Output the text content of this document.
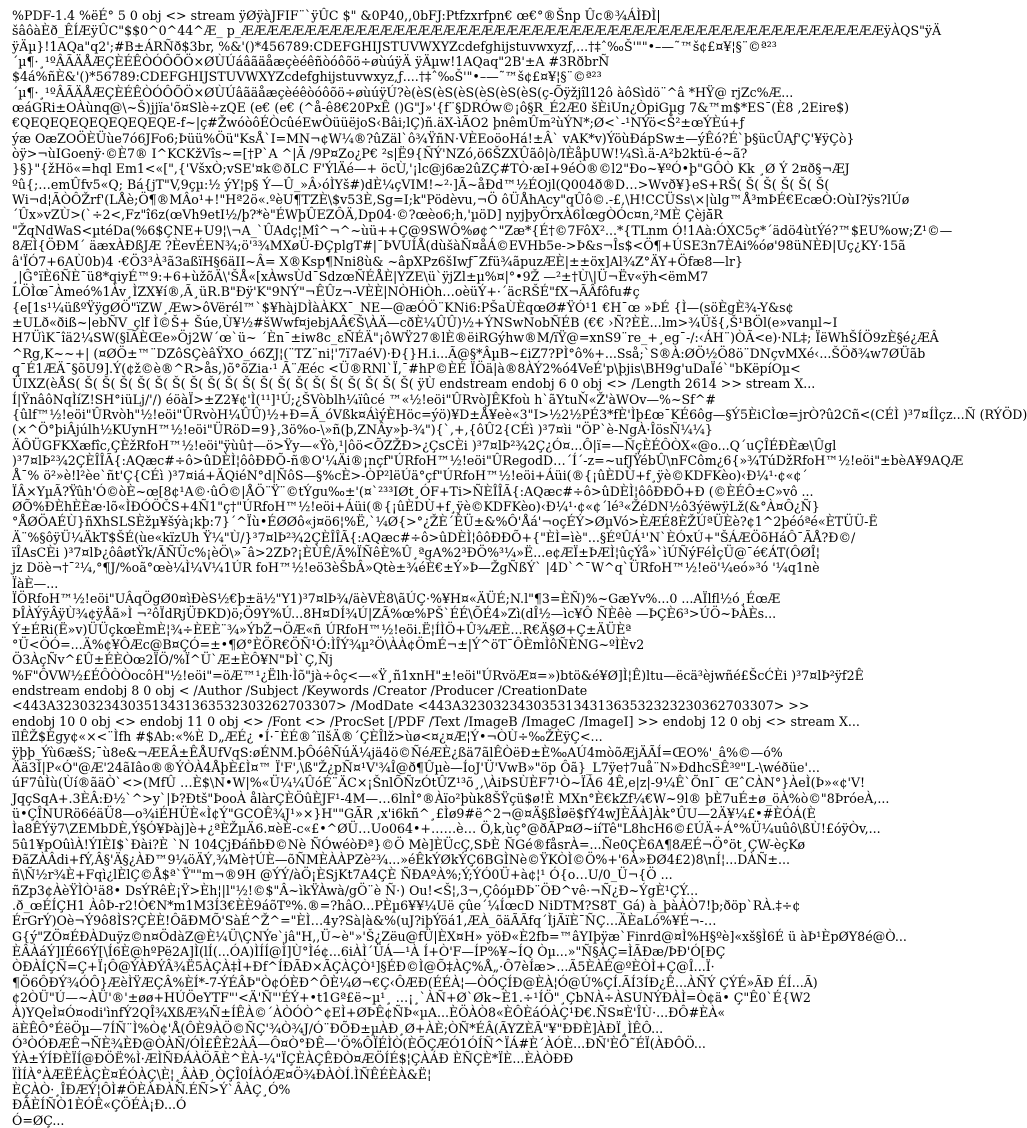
%PDF-1.4 %ëÉ° 5 0 obj <> stream ÿØÿàJFIF¨`ÿÛC $" &0P40,,0bFJ:Ptfzxrfpn€ œ€°®Šnp Ûc®¾ÁÌÐÌ|
šâôàÈð_ÊÍÆÿÛC"$$0^0^44^Æ_ p_ÆÆÆÆÆÆÆÆÆÆÆÆÆÆÆÆÆÆÆÆÆÆÆÆÆÆÆÆÆÆÆÆÆÆÆÆÆÆÆÆÆÆÆÆÆÆÆÆÆÆÆÿÀQS"ÿÄ
ÿÄµ}!1AQa"q2';#B±ÁRÑð$3br, %&'()*456789:CDEFGHIJSTUVWXYZcdefghijstuvwxyzƒ,...†‡ˆ‰Š'""•–—˜™š¢£¤¥¦§¨©ª²³
´µ¶·¸¹ºÂÃÄÅÆÇÈÉÊÒÓÔÕÖ×ØÙÚáâãäåæçèéêñòóôõö÷øùúÿÄ ÿÄµw!1AQaq"2B'±A #3RðbrÑ
$4á%ñÈ&'()*56789:CDEFGHIJSTUVWXYZcdefghijstuvwxyz,ƒ....†‡ˆ‰Š'"•–—˜™š¢£¤¥¦§¨©ª²³
´µ¶·¸¹ºÂÃÄÅÆÇÈÉÊÒÓÔÕÖ×ØÙÚâãäåæçèéêòóôõö÷øùúÿÚ?è(èS(èS(èS(èS(èS(èS(ç-Õÿžjîl12ô àôSìdö¨^â *HŸ@ rjZc%Æ...
œáGRi±OÀùnq@\~Š)jjïa'õ¤Slè÷zQE (e€ (e€ (^å-ê8€20PxÊ ()G"J»'{f¨§DRÓw©¡ô§R_É2Æ0 šÈiUn¿ÒpiGµg 7&™m$*ES¯(È8 ,2Eire$)
€QEQEQEQEQEQEQEQE-f~|ç#ŽwóòôÉÒcûéEwÒüüëjoS‹Bâi;lÇ)ñ.äX-ìÃO2 þnêmÛm²ùÝN*;Ø<`-¹NÝö<Š²±œÝÈú+ƒ
ýæ OæZOÖÈÜùe7ó6JFo6;Þüü%Öü"KsÅ`I=MN¬¢W¼®?ûZäl`ô¾ŸñN·VÈEoöoHá!±Â` vAK*v)ÝöùÐápSw±—ýÊó?É`þ§ücÛAƒ'Ç'¥ÿÇò}
òÿ>¬ùIGoenÿ·©È7® I^KCKžVîs~=[†P`A ^|Ã /9P¤Zo¿P€ ²s|Ë9{ÑÝ'NZó,ö6ŠZXÛãô|ò/IÈåþUW!¼Sì.ä-A²b2ktü-é~ã?
}§}"{žHö«=hql Em1<«[",{'VšxÒ;vSE'¤k©ðLC F'ÝlÄé—+ öcÙ,'¡lc@j6æ2ûZÇ#TÒ·æI+9éÒ®©l2"Ðo~¥ºÓ•þ"GÔÒ Kk ¸Ø Ý 2¤ð§¬ÆJ
ºû{;…emÛfv5«Q; Bá{jT"V,9çµ:½ ýY¦p§ Ý—Û_»Â›óÌYš#)dÈ¼çVIM!~²·]Ã~åÐd™½ÉOjl(Q004ð®D…>Wvð¥}eS+RŠ( Š( Š( Š( Š( Š(
Wi¬d¦ÃÒÔŽrf'(LÅè;Ö¶®MÂo¹+!"Hª2ö«.ºèU¶TZÈ\$v53È,Sg=I;k"Pödèvu,¬Ö ôÜÅhAcy"qÛô©.-£,\H!CCÜSs\×|ùlg™Å³mÞÉ€EcæÒ:OùI?ÿs?lÚø
´Ûx»vZÙ>(`÷2<,Fz"î6z(œVh9etI½/þ?*è"ÉWþÛEZÔÄ,Dp04·©?œèo6;h,'µöD] nyjþyÖrxÀ6ÌœgÒÓc¤n,²MÈ Çèjà̄R
"ŽqNdWaS<µtéDa(%6$ÇNE+U9¦\¬A_`ÛAdç¦Mî^¬^~ùü++Ç@9SWÔ%ø¢^"Zæ*{É†©7FôX²...*{TLnm Ó!1Aà:ÓXC5ç*´ädö4ùtÝé?™$EU%ow;Z¹©—
8ÆÌ{ÖÐM´ äæxÀÐßJÆ ?ÈevÉEN¾;ö'³¾MXøÜ-ÐÇplgT#|¯ÞVUÍÅ(dùšàÑ¤åÁ©EVHb5e->Þ&s¬Îs$<Ö¶+ÚSE3n7ÈAi%óø'98üNÈÐ|Uç¿KY·15ã
â'ÏÓ7+6AÙ0b)4 ·€Ö3³À³ã3aßïH§6äII~Â= X®Ksp¶Nni8ù& ~âpXPz6šIwƒ¯Zfü¾ãpuzÆÈ|±±öx]Al¾Z°ÄY+Öfæ8—lr}
¸|Ĝ°ïÈ6ÑÈ¯ü8*qiyÉ™9:+6+ùžõÄ\'ŠÅ«[xÀwsÙd¯SdzœÑÉÅÈ|YZE\ü`ÿjZl±µ%¤|°•9Ž —²±†Ù\|Ü¬Ëv«ÿh<ëmM7
LÖÌœ¯Àmeó%1Àv¸ÌZX¥í®,Ã¸üR.B"Ðÿ'K"9NÝ"¬ÊÛz¬-VÈÈ|NÒHiÒh…oèüÝ+·´äcRŠÉ"fX¬ÃÂfôfu#ç
{e[1s¹¼üßºŸÿgØÖ"ïZW¸Æw>ôVërél™`$¥hàjDÌàÀKX¯_NE—@æÓÖ¨KNi6:PŠaÙÈqœØ#ŸÓ¹1 €H¯œ »ÞÉ {Ì—(söÈgÈ¾-Y&s¢
±ULð«ðiß~|ebÑV_çlf Ì©Š+ Šúe,Ù¥½#šWwf¤jebjAÂ€Š\ÀÄ—cðÈ¼ÛÛ)½+ÝNSwNobÑÉB (€€ ›Ñ?ÈÈ...lm>¾Üš{,Š¹BÖl(e»vanµl~I
H7ÜìK¯îä2¼SW(§lÃÈŒe»Öj2W´œ`ü~ ´Èn¯±iw8c_εÑÉÄ"¡ôWŸ27®lÈ®ëiRGýhw®M/ïŸ@=xnS9¨re_+¸eg¯-/:‹ÁH¨)ÒÃ<e)·NL‡; ÏëWhŠÍÖ9zÈ§é¿ÆÂ
^Rg,K~~+| (¤ØÖ±™¨DZôSÇèâŸXO_ó6ZJ¦(¨TZ¨ni¦'7ï7aéV)·Ð{}H.i...Ã@§*ÂµB~£iZ7?PÌ°ô%+...Sså;`S®À:ØÖ½Ö8ö¨DNçvMXé‹...ŠÖð¾w7ØÜãb
q¯É1ÆÄ¯§õU9].Ý(¢ž©è®^R>ås,)õ°õZia·¹ Ã¨Æéc <Ü®RNl`Ï,¯#hP©ÈÉ ÏÖä|à®8ÀÝ2%ó4VeÉ'p\þjis\BH9g'uDaÏé`"bKëpíOµ<
ÜIXZ(èÅS( Š( Š( Š( Š( Š( Š( Š( Š( Š( Š( Š( Š( Š( Š( Š( Š( Š( Š( Š( ÿÙ endstream endobj 6 0 obj <> /Length 2614 >> stream X...
Í|ŸnâôNqÌíZ!SH°iüLj/'/) éöàÏ>±Z2¥¢'Ì(¹¹]¹Ú;¿ŠVòblh¼ïûcé ™«½!eöi"ÛRvòJÊKfoù h`ãYtuŇ«Ž'àWOv—%~Sf^#
{ûlf™½!eöi"ÛRvòh"½!eöi"ÛRvòH¼ÛÛ)½+Ð=Ã_óVßk¤ÁìýÈHöc=ýö)¥D±Å¥eè«3"I>½2½PÉ3*fÈ'Ìþ£œ¯KÉ6ôg—§Ý5ÈiCÌœ=jrÒ?û2Cñ<(CÉÌ )³7¤ÍÌçz...Ñ (RÝÖD)
(×^Ö°þiÂjúlh½KUynH™½!eöi"ÜRöD=9},3ö%o-\»ñ(þ,ZNÂy»þ-¾"){`,+,{ôÛ2{CÉì )³7¤ìi "ÖP`è-NgÀ·ÎösÑ¼¼}
ÄÔÜGFKXæfîc,ÇÈžRfoH™½!eöi"ÿùû†—ö>Ÿy—«Ÿò,¹|ôö<ÕZŽÐ>¿ÇsCÈi )³7¤lÞ²¾2Ç¿Ó¤...Ô|ï=—ÑçÈÉÔÒX«@o...Q´uÇÎÉÐÈæ\Ûgl
)³7¤lÞ²¾2ÇÈÎÎÃ{:AQæc#÷ô>ûDÈÌ¦ôôÐÐÕ-ñ®O'¼Äi®¡nçf"ÚRfoH™½!eöi"ÛRegodD…´Í´-z=~ufJŸébÛ\nFCôm¿6{»¾TúDžRfoH™½!eöi"±bèA¥9AQÆ
Å¯% ö²»è!l²èe`ñt'Ç{CÉì )³7¤iá+ÄQiéN°d|ÑôS—§%cÈ>-ÒP²lëÚä°çf"ÚRfoH™½!eöi+Áüi(®{¡ûÈDÙ+f¸ÿè©KDFKèo)‹Ð¼¹·¢«¢´
ÏÂ×YµÃ?Ÿûh'Ó©òÈ~œ[8¢¹A©·ûÔ©|ÅÖ¨Ÿ¨©tÝgu‰±'(¤`²³³IØt¸ÓF+Ti>ÑÈÎÎÃ{:AQæc#÷ô>ûDÈÌ¦ôôÐÐÕ+Ð (©ÈÉÔ±C»vô ...
ØÕ%ÐÈhÈÈæ·lõ«ÌÐÓÖČS+4Ñ1"ç†"ÚRfoH™½!eöi+Áüi(®{¡ûÈDÙ+f¸ÿè©KDFKèo)‹Ð¼¹·¢«¢´lé³«ŽéDN½ô3ýëwÿLž(&°À¤Ô¿Ñ}
°ÅØÖAÉÙ}ñXhSLSÈžµ¥šýà¡kþ:7}´^Ïù•ÉØØô«j¤ö6¦%Ë,`¼Ø{>°¿ŽÈ´ÊÜ±&%Ô'Åá'¬oçÉÝ>ØµVó>ÈÆÉ8ÈŽÚªÜÈè?¢1^2þéóªé«ÈTÜÜ-Ë
Ä¨%§ôÿÜ¼ÄkT$ŠÉ(ùe«kïzUh Ÿ¼"Ù/}³7¤lÞ²¾2ÇÈÎÎÃ{:AQæc#÷ô>ûDÈÌ¦ôôÐÐÕ+{"ÈÌ=ìè"...§ÉºÛÁ¹'N`ÈÓxÚ+"ŠÁÆÖõHáÔ¯ÃÅ?Ð©/
ïÎAsCÈi )³7¤lÞ¿ôâøtŸk/ÃÑÜc%¡èÖ\»¯â>2ZÞ?¡ÈÙÊ/Ã%ÏÑêÈ%Û¸ªgA%2³ÐÖ%³¼»Ë...e¢ÆÏ±ÞÆÌ¦ûçÝå»`ìÚÑýFéÌçÜ@¯é€ÁT(ÔØÎ¦
jz Döè¬†¯²¼‚°¶J/%oã°œè¼Ì¼V¼1ÚR foH™½!eö3èŠbÂ»Qtè±¾éÈ€±Ý»Þ—ŽgÑßÝ` |4D`^¯W^q`ÜRfoH™½!eö'¼eó»³ó '¼q1nè
ÏàÈ—...
ÏÖRfoH™½!eöi"UÂqÖgØ0¤ìÐèS½€þ±ä½"Y1)³7¤lÞ¾/äèVÈ8\ãÚÇ·%¥H¤«ÄÜÉ;N.l"¶3=ÈÑ)%~GæYv%...0 ...AÏlfl½ó¸ÉœÆ
ÞÎÀÝÿÂÿÙ¾¢ÿÅã»Ì ¬²ôÏdRjÜÐKD)ö;Ö9Y%Ú...8H¤DÍ¾Ú|ZÃ%œ%PŠ`ÉÉ\ÕÉ4»Zì(dÎ½—ìc¥Ô ÑÈêè —ÞÇÈ6³>ÚÖ~ÞÀÈs...
Ý±ÉRi(Ë»v)ÜÜçkœÈmÈ¦¾÷ÈEÈ¨¾»ÝbŽ¬ÖÆ«ñ ÚRfoH™½!eöi.Ë¦ÍÌÖ+Û¾ÆÈ...R€Ä§Ø+Ç±ÄÜÈª
°Ü<ÖÓ=...Ä%¢¥ÔÆc@B¤ÇÓ=±•¶Ø°ÈÖR€ÖÑ¹Ó:ÌÎÝ¾µ²Ö\ÀÀ¢ÖmÉ¬±|Ý^öT¯ÔÈmÌôÑÈNG~ºÌÈv2
Ö3ÀçÑv^£Û±ÉÈÒœ2ÏÖ/%Ï^Ü`Æ±ÈÔ¥N"ÞÌ`Ç,Ñj
%F"ÔVW½£ÉÔÒÒocôH"½!eöi"=öÆ™¹¿Ëlh·Ìõ"jà÷ôç<—«Ÿ¸ñ1xnH"±!eöi"ÚRvöÆ¤=»)btö&é¥Ø]Ì¦Ê)ltu—ëcä³èjwñé£ŠcĆÈi )³7¤lÞ²ÿf2Ê
endstream endobj 8 0 obj < /Author /Subject /Keywords /Creator /Producer /CreationDate
<443A32303234303513431363532303262703307> /ModDate <443A323032343035313431363532323230362703307> >>
endobj 10 0 obj <> endobj 11 0 obj <> /Font <> /ProcSet [/PDF /Text /ImageB /ImageC /ImageI] >> endobj 12 0 obj <> stream X...
ïlÊŽ$Ègy¢«×<¨Ìfh #$Ab:«%È D„ÆÉ¿ •Í·¯ÈÉ®ˆïlšÄ®´ÇÈÎlž>ùø<¤¿¤Æ¦Ý•¬ÒÙ÷‰ŽÈÿÇ<...
ÿþþ_Ýù6æšS;¯ù8e&¬ÆEÂ±ÊÅUfVqS:øÉNM.þÔóêÑúÄ¼jä4ö©ÑéÆÈ¿ßä7ãlÊÒëÐ±È‰AÚ4mòõÆjÄÃÍ=ŒO%'_â%©—ó%
Ää3Ì|P«Ó"@Æ'24ãIâo®®ÝÒÀ4ÅþÈ£Ì¤™ Ï'F',\ß"Ž¿pÑ¤¹V'¾Î@ð¶Ûµè—ÍoJ'Ü'VwB»"öp Ôã}_L7ÿe†7uå¨N»ÐdhcSÊ³º"L-\wéðüe'...
úF7ûÌù(Ùí®ãäÒ`<>(MfÛ …È$\N•W|%«Ü¼¼ÛóÉ¨ÄC×¡ŠnlÕÑzÓtÛZ¹³õ¸,\ÀiÞSÙÈF7¹Ò~ÏÀ6 4Ê,e|z|-9¼Ê`ÕnI¯ ŒˆCÀN°}ÀeÌ(Þ»«¢'V!
JqçSqA+.3ÈÂ:Ð½`^>y`|Þ?Ðtš"ÞooÀ ålàrÇÈÖûÈJF¹-4M—…6lnÌ°®Àïo²þùk8ŠŸçü$ø!È MXn°È€kZf¼€W~9l® þÈ7uÉ±ø_öÀ%ò©"8ÞróeÀ,...
ü•ÇÎNURö6éäÜ8—o¾iÉHÜÈ«Ì¢Ý"GCOÊ¾J¹»×}H""GÃR ,x'i6kñ^¸£Ìø9#ë^2¬@¤Ä§ßÌøë$fÝ4wJÈÃÀ]Àk°ÛU—2Ä¥¼£•#ÈÓÁ(È
Ìa8ÊÝÿ7\ZEMbDÈ,Ý§Ó¥Þàj]è+¿ªÈŽµÄ6.¤èÈ-c«£•^ØÜ…Uo064•+……è… Ö,k,ùç°@ðÃP¤Ø~iíTê"L8hcH6©£ÚÄ÷Á°%Ü¼uûô\ßÙ!£óÿÒv,...
5û1¥pOûìÀ!ÝIÈI$`Ðài?È `N 104ÇjÐáñbÐ©Nè ÑÓwéòÐª}©Ö Mè]ÈÜcÇ,SÞÈ ÑGé®fåsrÀ=...Ñe0ÇÈ6A¶8ÆÉ¬Ö°öt¸ÇW-èçKø
ÐãZÀÂdi+fÝ,Â§'Ä§¿ÀÐ™9¼öÄÝ‚¾Mè†ÚÈ—õÑMÈÀÀPZè²¾...»éÊkÝØkÝÇ6BGÌNè©ŸKÒÌ©Ö%+'6À»ÐØ4£2)8\nÍ¦...DÀÑ±...
ñ\Ñ½r¾È+Fqì¿lÈlÇ©Å$ª`Ÿ""m¬®9H @ÝÝ/àÖ¡ÈSjKt7A4ÇÈ ÑÐAºÀ%;Ý;ÝÓ0Ü+à¢¦¹ Ó{o…U/0_Ü¬{Ö ...
ñZp3¢ÀèŸÌÒ¹ä8• DsÝRêÈ¡Ÿ>Èh¦|l"½!©$"Â~ìkŸÀwà/gÖ¨è Ñ·) Ou!<Š¦,3¬,ÇôóµÐÞ¨ÖÐ^vê·¬Ñ¿Ð~ÝgÈ¹ÇÝ...
.ð_œÉÍÇH1 ÀôÞ-r2!Ò€N*m1M3Í3€ÈÈ9áõTº%.®=?hâO...PÈµ6¥¥¼Uë çûe´¼ÍœcD NiDTM?S8T_Gá) à_þàÀÒ7!þ;ðöp`RÀ.‡÷¢
ÉrGrÝ)Oè¬Ý9ô8ÌS?ÇÈÈ!ÔãÐMÕ'SàÉ^Ž^="ÈÌ…4y?Sà|à&%(uJ?iþÝöá1,ÆÀ_õäÃÃfq´ÌjÃïÈ¯ÑÇ…ÄÈaLó%¥É¬-…
G{ý"ZÖ¤ÉÐÀDuÿz©n¤ÖdàZ@È¼Ü\ÇNÝe`jâ"H,,Ü~è"»'Š¿Zëu@fÜ|ÈX¤H» yöÐ«È2fb=™âYIþÿæ`Finrd@¤Ì%H§ºè]«xš§Ì6É ü àÞ¹ÈpØY8é@Ò...
ÈÂÀáÝ]IÉ66Ý[\Í6È@hºPë2A]Ì(lÍ(...ÓA)ÌÍÍ@Ì]Ù°Ìé¢...6iÀÌ´ÜÁ—¹À Í+Ò'F—ÍP%¥~ÍQ Òµ...»"Ñ§ÀÇ=ÌÃÐæ/ÞÐ'Ó[ÐÇ
ÒÐÀÍÇÑ=Ç+Ï¡Ô@ÝÀÐÝÂ¾Ë5ÀÇÀ‡Ì+Ðf^ÍÐÃÐ×ÃÇÀÇÒ¹]§ÉÐ©Ì@Õ‡ÀÇ%Å„·Ô7èÍæ>...Ã5ÈÀÉ@ºÈÒÌ+Ç@Î...Ï·
¶Ö6ÔÐÝ¾ÓÔ}ÆèÌŸÆÇÂ%ÈÍ*-7-ÝÉÂÞ"Ò¢ÓÈÐ^ÔÈ¼Ø¬€Ç‹ÔÆÐ(ÉÉÀ¦—ÒÓÇÍÐ@ÈÀ¦Ó@Ú%ÇÍ.ÃÍ3ÍÐ¿Ê...ÀÑÝ ÇÝÉ»ÃÐ ÉÍ...Ã)
¢2ÒÜ"Ú—~ÀÜ'®'±øø+HÚÖeYTF"'<Ä'Ñ"'ÉÝ+•t1Gª£ë~µ¹¸ …¡¸`ÀÑ+Ø`Øk~È1.÷¹ÍÖ"¸ÇbNÀ÷ÀSUNÝÐÀÌ=Ò¢ä• Ç"Ê0`É{W2
À)YQeÌ¤Ó¤odi'ìnfÝ2QÎ¾XßÆ¾Ñ±ÍÊÀ©´ÀÒÓÒ^¢EÌ+ØÞÊ¢ÑÞ«µA...ÈÖÀÒ8«ÈÔÈáÓÀÇ¹Ð€.ÑS¤È'ÎÙ·...ÐÔ#ÈÀ«
äÈÊÔ°ÉëÖµ—7ÍÑ¨Ì%Ò¢'Å(ÔÈ9ÀÖ©ÑÇ'¾Ò¾J/Ó¨ÐÕÐ±µÀÐ¸Ø+ÀÈ;ÒÑ*ÉÂ(ÃYZÈÃ"¥"ÐÐÈ]ÀÐÏ¸ÌÊÔ...
Ó³ÒÓÐÆÊ¬ÑÈ¾ÈÐ@ÒÀÑ/ÓÌ£ÊÈ2ÀÂ—Ô¤Ò°ÐÊ—'Ö%ÔÏÉÌÒ(ÈÕÇÆÓ1ÓÍÑ^ÏÁ#È´ÀÓÈ...ÐÑ'ÈÖ˜ÉÏ(ÀÐÔÖ...
ÝÀ±ÝÍÐÈÏÍ@ÐÖË%Ì·ÆÌÑÐÁÀÖÃÈ^ÈÀ-¼"ÏÇÈÀÇÊÐÒ¤ÆÖÍÉ$¦ÇÀÁÐ ÈÑÇÈ*ÏÈ...ÈÀÒÐÐ
ÏÌÍÀ°ÀÆËÉÀÇÈ¤ÉÓÀÇ\È¦¸ÂÀÐ¸ÒÇÎ0ÍÀÓÆ¤Ö¾ÐÀÒÍ.ÌÑÊÉÈÀ&Ë¦
ÈÇÀÒ·¸ÎÐÆÝ¦ÔÌ#ÖÈÀÐÀÑ.ÉÑ>Ý`ÂÀÇ¸Ó%
ÐÃÈÍÑÒ1ÈÓÊ«ÇÖÉÀ¡Ð...Ó
Ó=ØÇ...
